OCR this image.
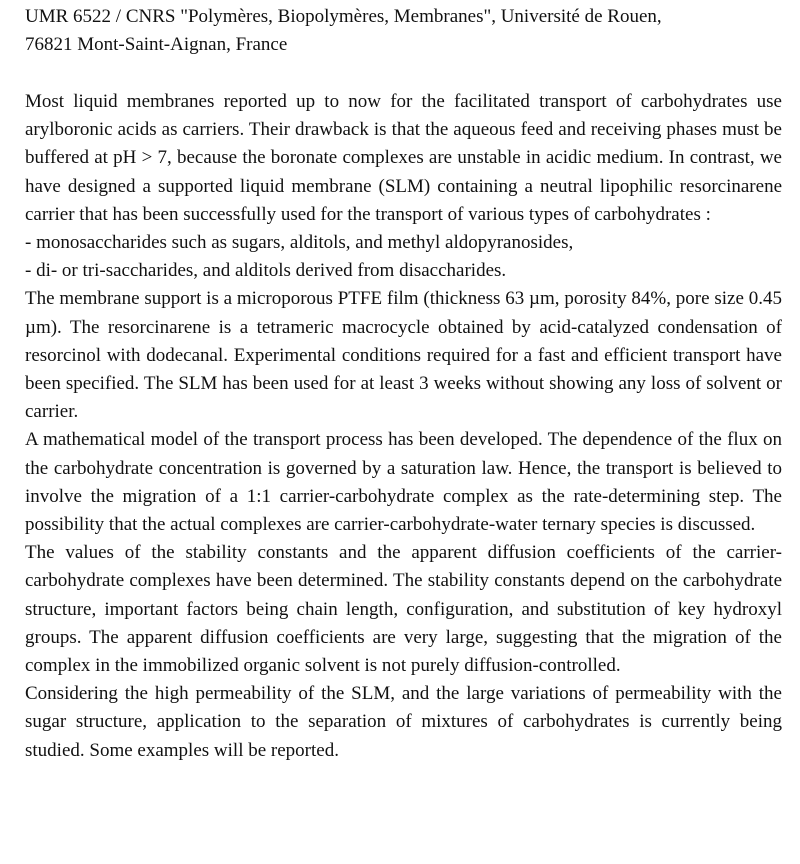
UMR 6522 / CNRS "Polymères, Biopolymères, Membranes", Université de Rouen,
76821 Mont-Saint-Aignan, France

Most liquid membranes reported up to now for the facilitated transport of carbohydrates use arylboronic acids as carriers. Their drawback is that the aqueous feed and receiving phases must be buffered at pH > 7, because the boronate complexes are unstable in acidic medium. In contrast, we have designed a supported liquid membrane (SLM) containing a neutral lipophilic resorcinarene carrier that has been successfully used for the transport of various types of carbohydrates :

- monosaccharides such as sugars, alditols, and methyl aldopyranosides,

- di- or tri-saccharides, and alditols derived from disaccharides.

The membrane support is a microporous PTFE film (thickness 63 µm, porosity 84%, pore size 0.45 µm). The resorcinarene is a tetrameric macrocycle obtained by acid-catalyzed condensation of resorcinol with dodecanal. Experimental conditions required for a fast and efficient transport have been specified. The SLM has been used for at least 3 weeks without showing any loss of solvent or carrier.

A mathematical model of the transport process has been developed. The dependence of the flux on the carbohydrate concentration is governed by a saturation law. Hence, the transport is believed to involve the migration of a 1:1 carrier-carbohydrate complex as the rate-determining step. The possibility that the actual complexes are carrier-carbohydrate-water ternary species is discussed.

The values of the stability constants and the apparent diffusion coefficients of the carrier-carbohydrate complexes have been determined. The stability constants depend on the carbohydrate structure, important factors being chain length, configuration, and substitution of key hydroxyl groups. The apparent diffusion coefficients are very large, suggesting that the migration of the complex in the immobilized organic solvent is not purely diffusion-controlled.

Considering the high permeability of the SLM, and the large variations of permeability with the sugar structure, application to the separation of mixtures of carbohydrates is currently being studied. Some examples will be reported.
